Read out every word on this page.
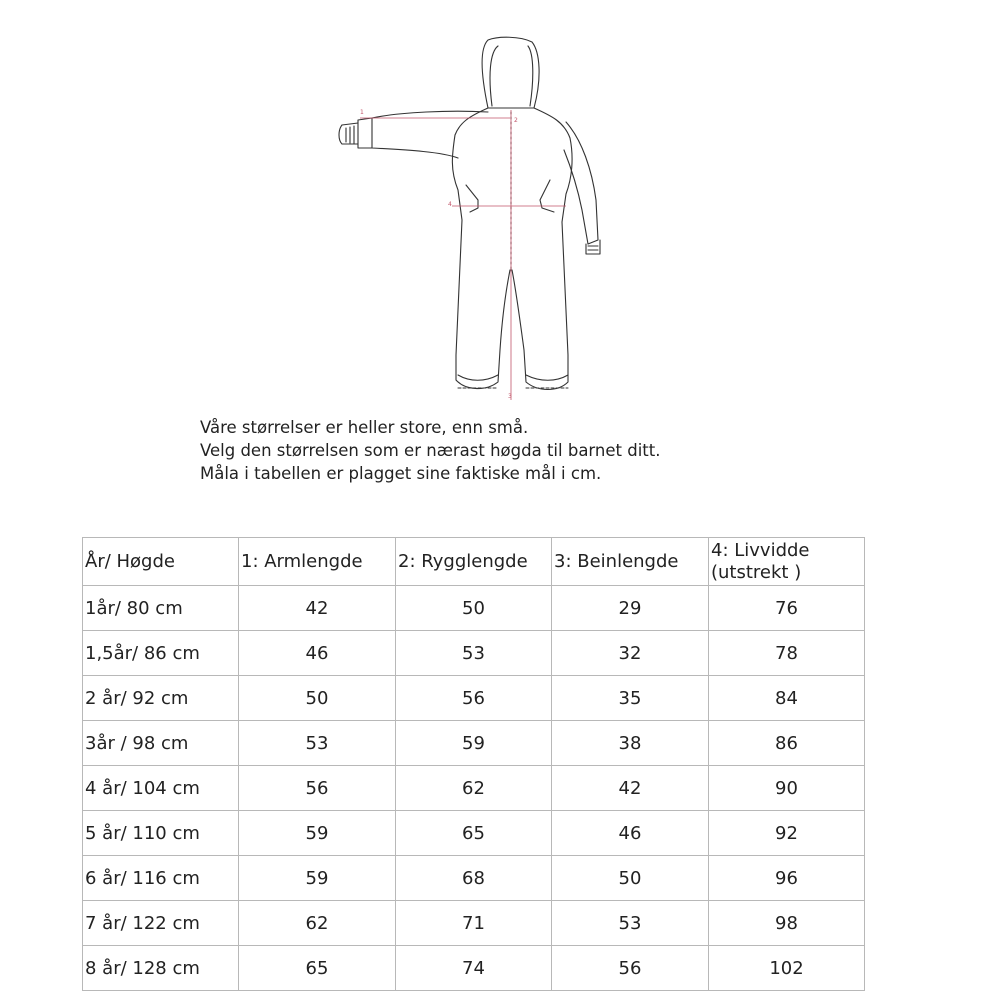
1
2
3
4

Våre størrelser er heller store, enn små.

Velg den størrelsen som er nærast høgda til barnet ditt.

Måla i tabellen er plagget sine faktiske mål i cm.

År/ Høgde	1: Armlengde	2: Rygglengde	3: Beinlengde	4: Livvidde
(utstrekt )
1år/ 80 cm	42	50	29	76
1,5år/ 86 cm	46	53	32	78
2 år/ 92 cm	50	56	35	84
3år / 98 cm	53	59	38	86
4 år/ 104 cm	56	62	42	90
5 år/ 110 cm	59	65	46	92
6 år/ 116 cm	59	68	50	96
7 år/ 122 cm	62	71	53	98
8 år/ 128 cm	65	74	56	102
